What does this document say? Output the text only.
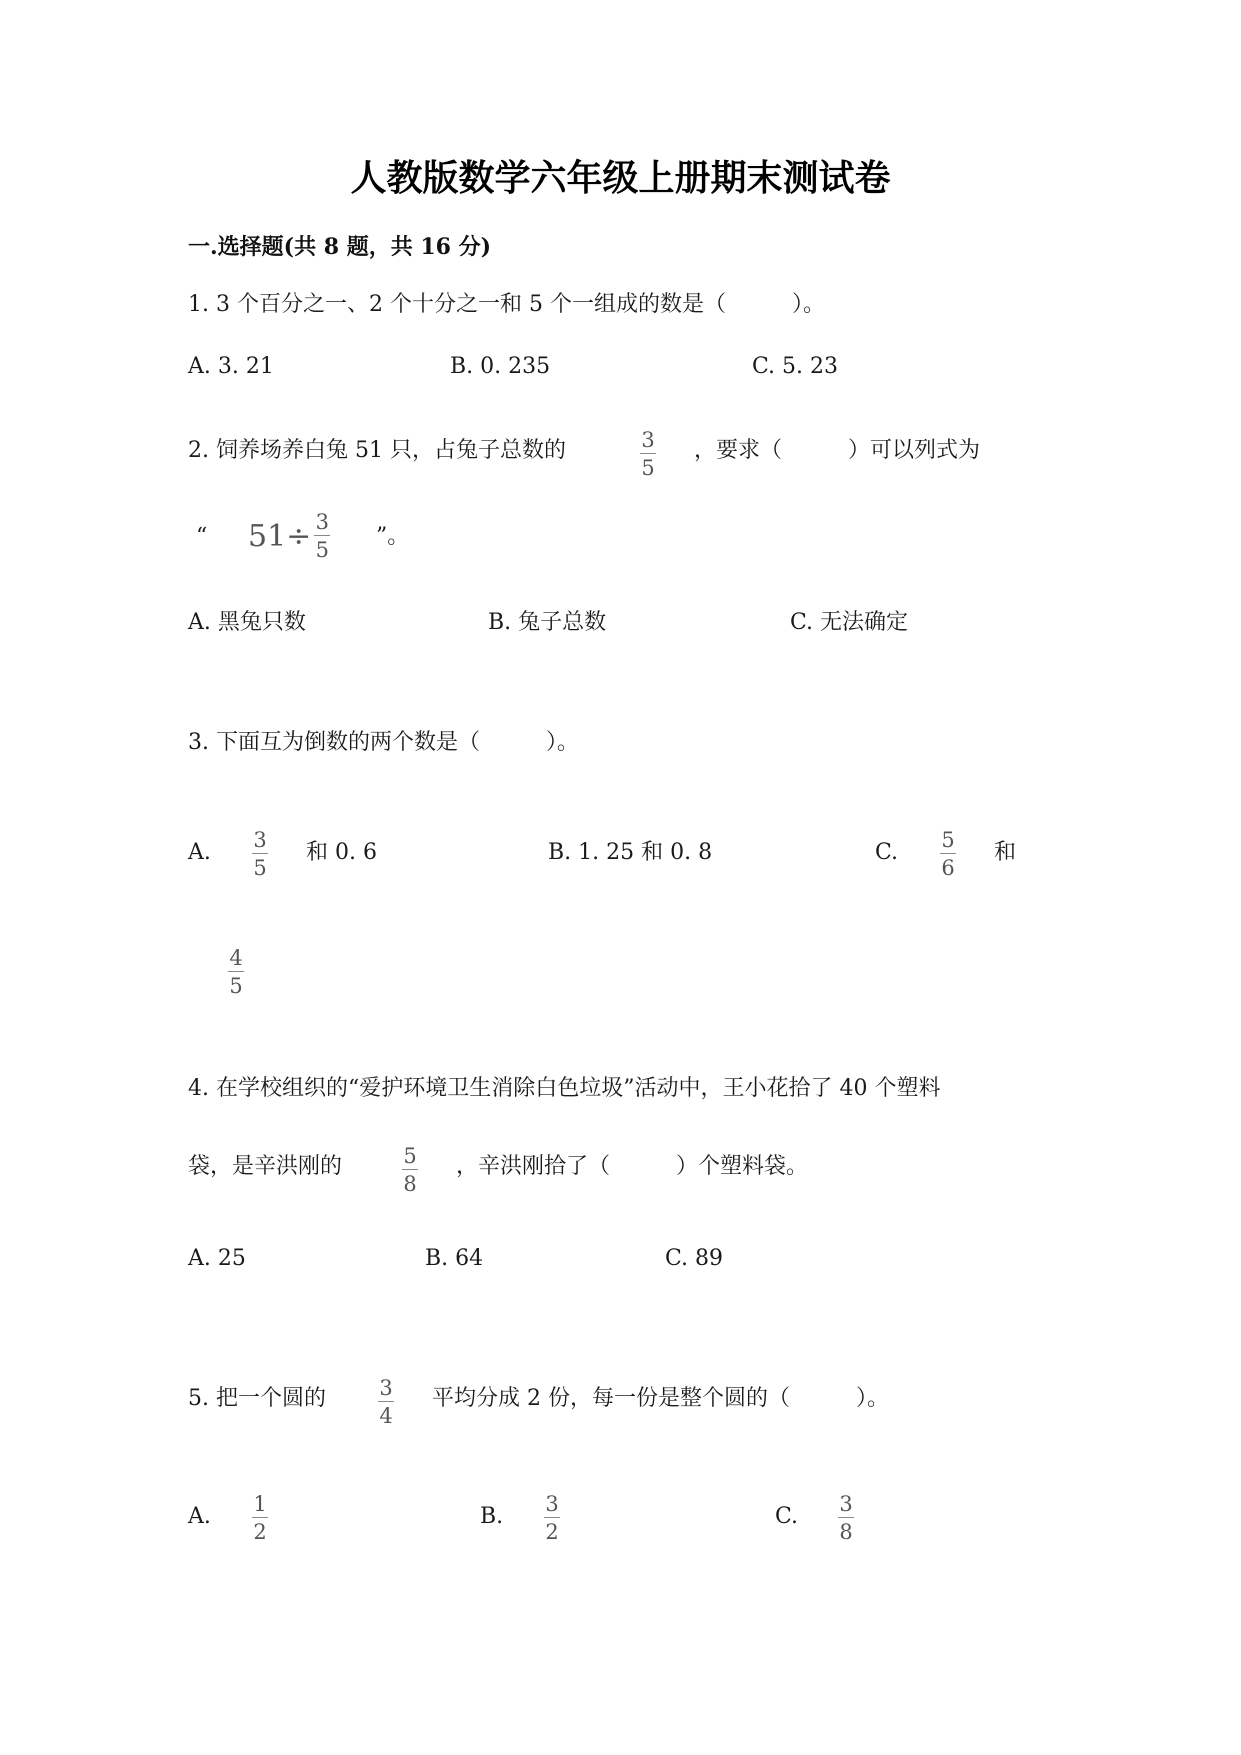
人教版数学六年级上册期末测试卷
一.选择题(共 8 题，共 16 分)
1. 3 个百分之一、2 个十分之一和 5 个一组成的数是（　　　）。
A. 3. 21	B. 0. 235	C. 5. 23
2. 饲养场养白兔 51 只，占兔子总数的	3
5
，要求（　　　）可以列式为
“ $51\div \frac{3}{5}$ ”。
A. 黑兔只数	B. 兔子总数	C. 无法确定
3. 下面互为倒数的两个数是（　　　）。
A. 3
5
和 0. 6	B. 1. 25 和 0. 8	C. 5
6
和
4
5
4. 在学校组织的“爱护环境卫生消除白色垃圾”活动中，王小花拾了 40 个塑料
袋，是辛洪刚的	5
8
，辛洪刚拾了（　　　）个塑料袋。
A. 25	B. 64	C. 89
5. 把一个圆的	3
4
平均分成 2 份，每一份是整个圆的（　　　）。
A. 1
2
B. 3
2
C. 3
8
